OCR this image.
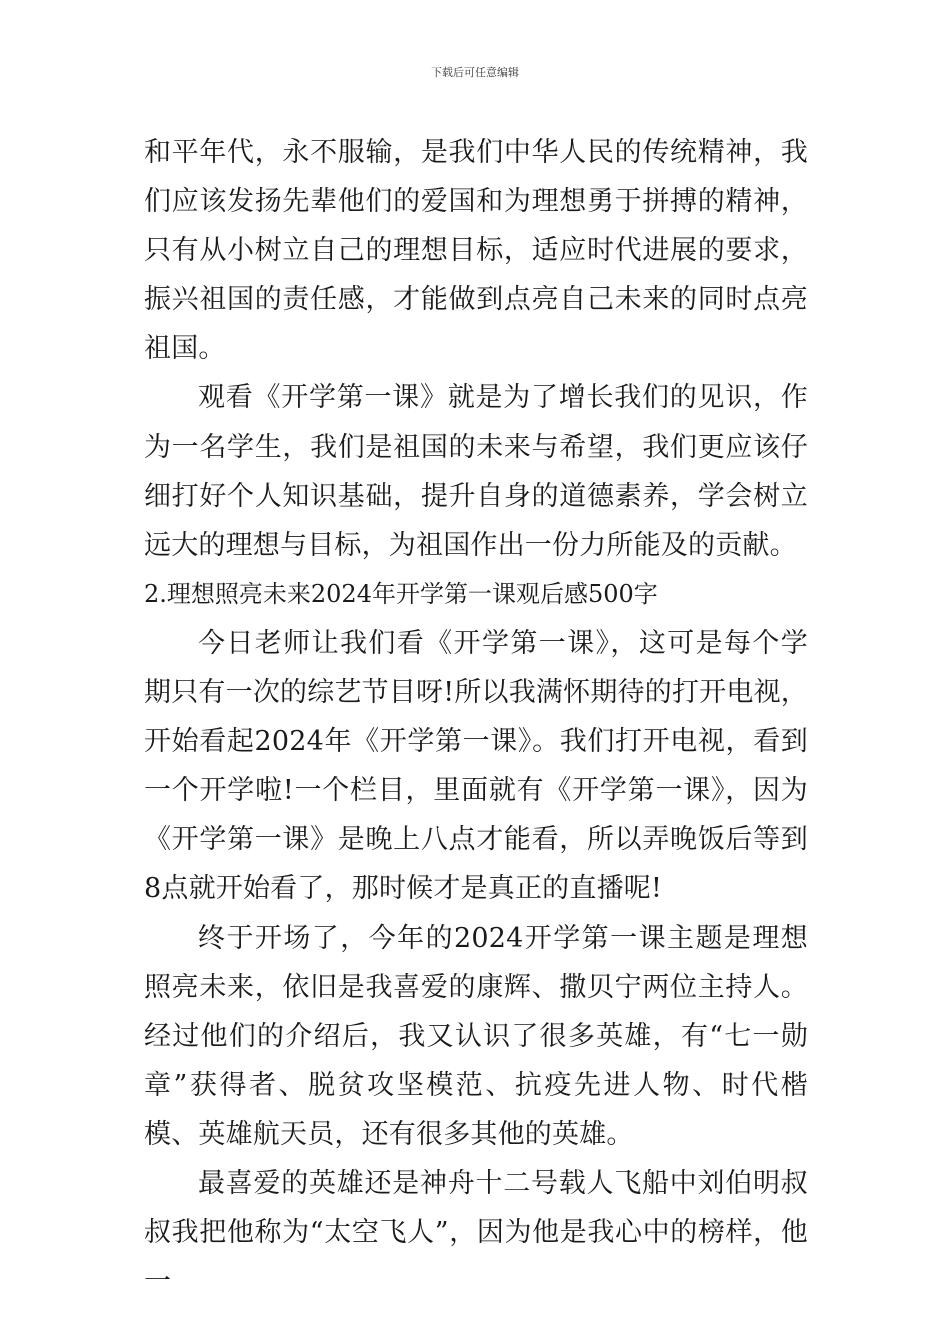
下载后可任意编辑

和平年代，永不服输，是我们中华人民的传统精神，我们应该发扬先辈他们的爱国和为理想勇于拼搏的精神，只有从小树立自己的理想目标，适应时代进展的要求，振兴祖国的责任感，才能做到点亮自己未来的同时点亮祖国。

观看《开学第一课》就是为了增长我们的见识，作为一名学生，我们是祖国的未来与希望，我们更应该仔细打好个人知识基础，提升自身的道德素养，学会树立远大的理想与目标，为祖国作出一份力所能及的贡献。

2.理想照亮未来2024年开学第一课观后感500字

今日老师让我们看《开学第一课》，这可是每个学期只有一次的综艺节目呀!所以我满怀期待的打开电视，开始看起2024年《开学第一课》。我们打开电视，看到一个开学啦!一个栏目，里面就有《开学第一课》，因为《开学第一课》是晚上八点才能看，所以弄晚饭后等到8点就开始看了，那时候才是真正的直播呢!

终于开场了，今年的2024开学第一课主题是理想照亮未来，依旧是我喜爱的康辉、撒贝宁两位主持人。经过他们的介绍后，我又认识了很多英雄，有“七一勋章”获得者、脱贫攻坚模范、抗疫先进人物、时代楷模、英雄航天员，还有很多其他的英雄。

最喜爱的英雄还是神舟十二号载人飞船中刘伯明叔叔我把他称为“太空飞人”，因为他是我心中的榜样，他一
